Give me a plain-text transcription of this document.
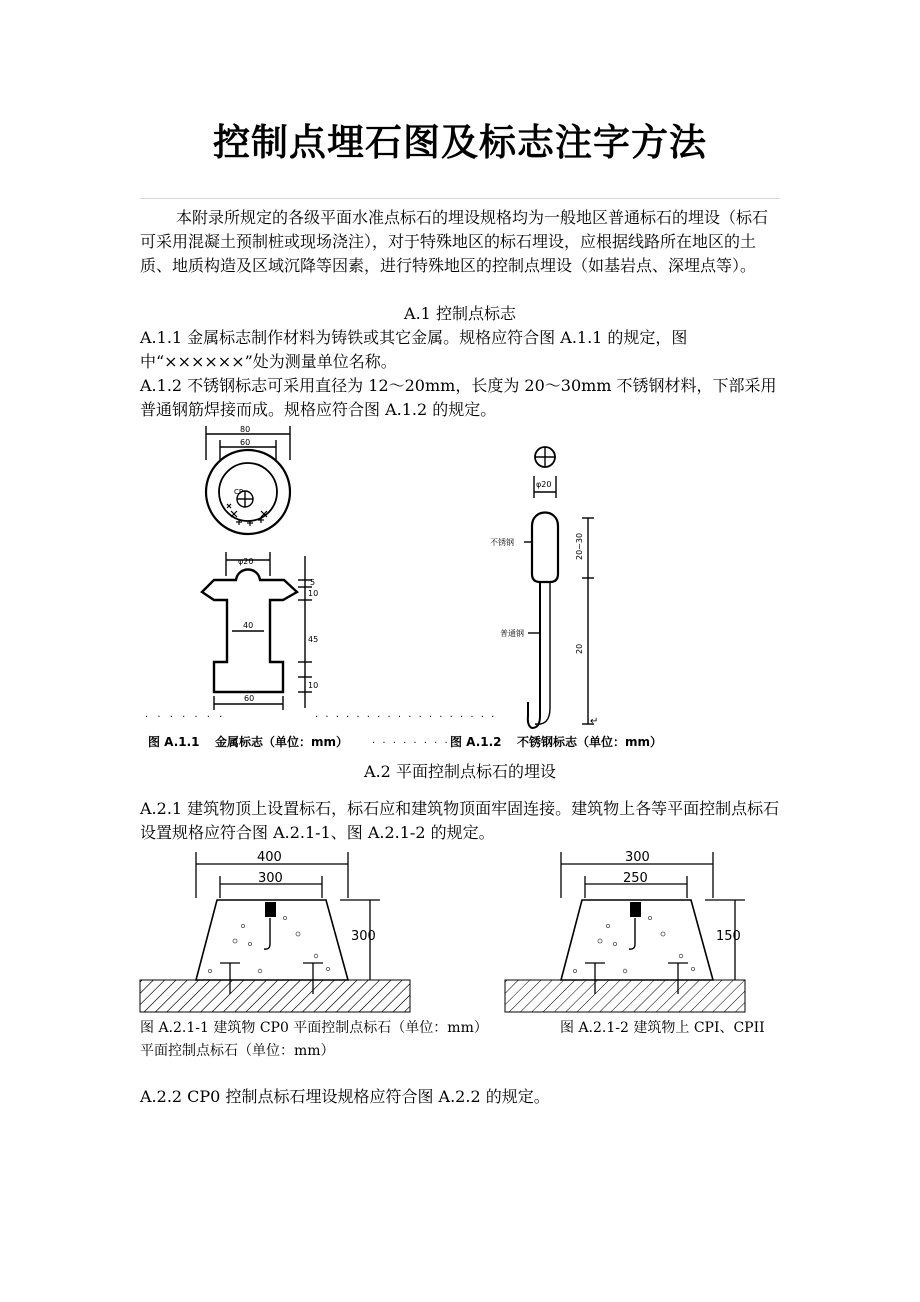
控制点埋石图及标志注字方法

本附录所规定的各级平面水准点标石的埋设规格均为一般地区普通标石的埋设（标石可采用混凝土预制桩或现场浇注），对于特殊地区的标石埋设，应根据线路所在地区的土质、地质构造及区域沉降等因素，进行特殊地区的控制点埋设（如基岩点、深埋点等）。

A.1 控制点标志

A.1.1 金属标志制作材料为铸铁或其它金属。规格应符合图 A.1.1 的规定，图中“××××××”处为测量单位名称。

A.1.2 不锈钢标志可采用直径为 12～20mm，长度为 20～30mm 不锈钢材料，下部采用普通钢筋焊接而成。规格应符合图 A.1.2 的规定。

80
60
CP
φ20
40
60
5
10
45
10
· · · · · · ·	· · · · · · · · · · · · · · · · · ·
图 A.1.1 金属标志（单位：mm） · · · · · · · ·
φ20
不锈钢
普通钢
20~30
20
↵
图 A.1.2 不锈钢标志（单位：mm）

A.2 平面控制点标石的埋设

A.2.1 建筑物顶上设置标石，标石应和建筑物顶面牢固连接。建筑物上各等平面控制点标石设置规格应符合图 A.2.1-1、图 A.2.1-2 的规定。

400
300
300
300
250
150

图 A.2.1-1 建筑物 CP0 平面控制点标石（单位：mm）	图 A.2.1-2 建筑物上 CPI、CPII

平面控制点标石（单位：mm）

A.2.2 CP0 控制点标石埋设规格应符合图 A.2.2 的规定。
